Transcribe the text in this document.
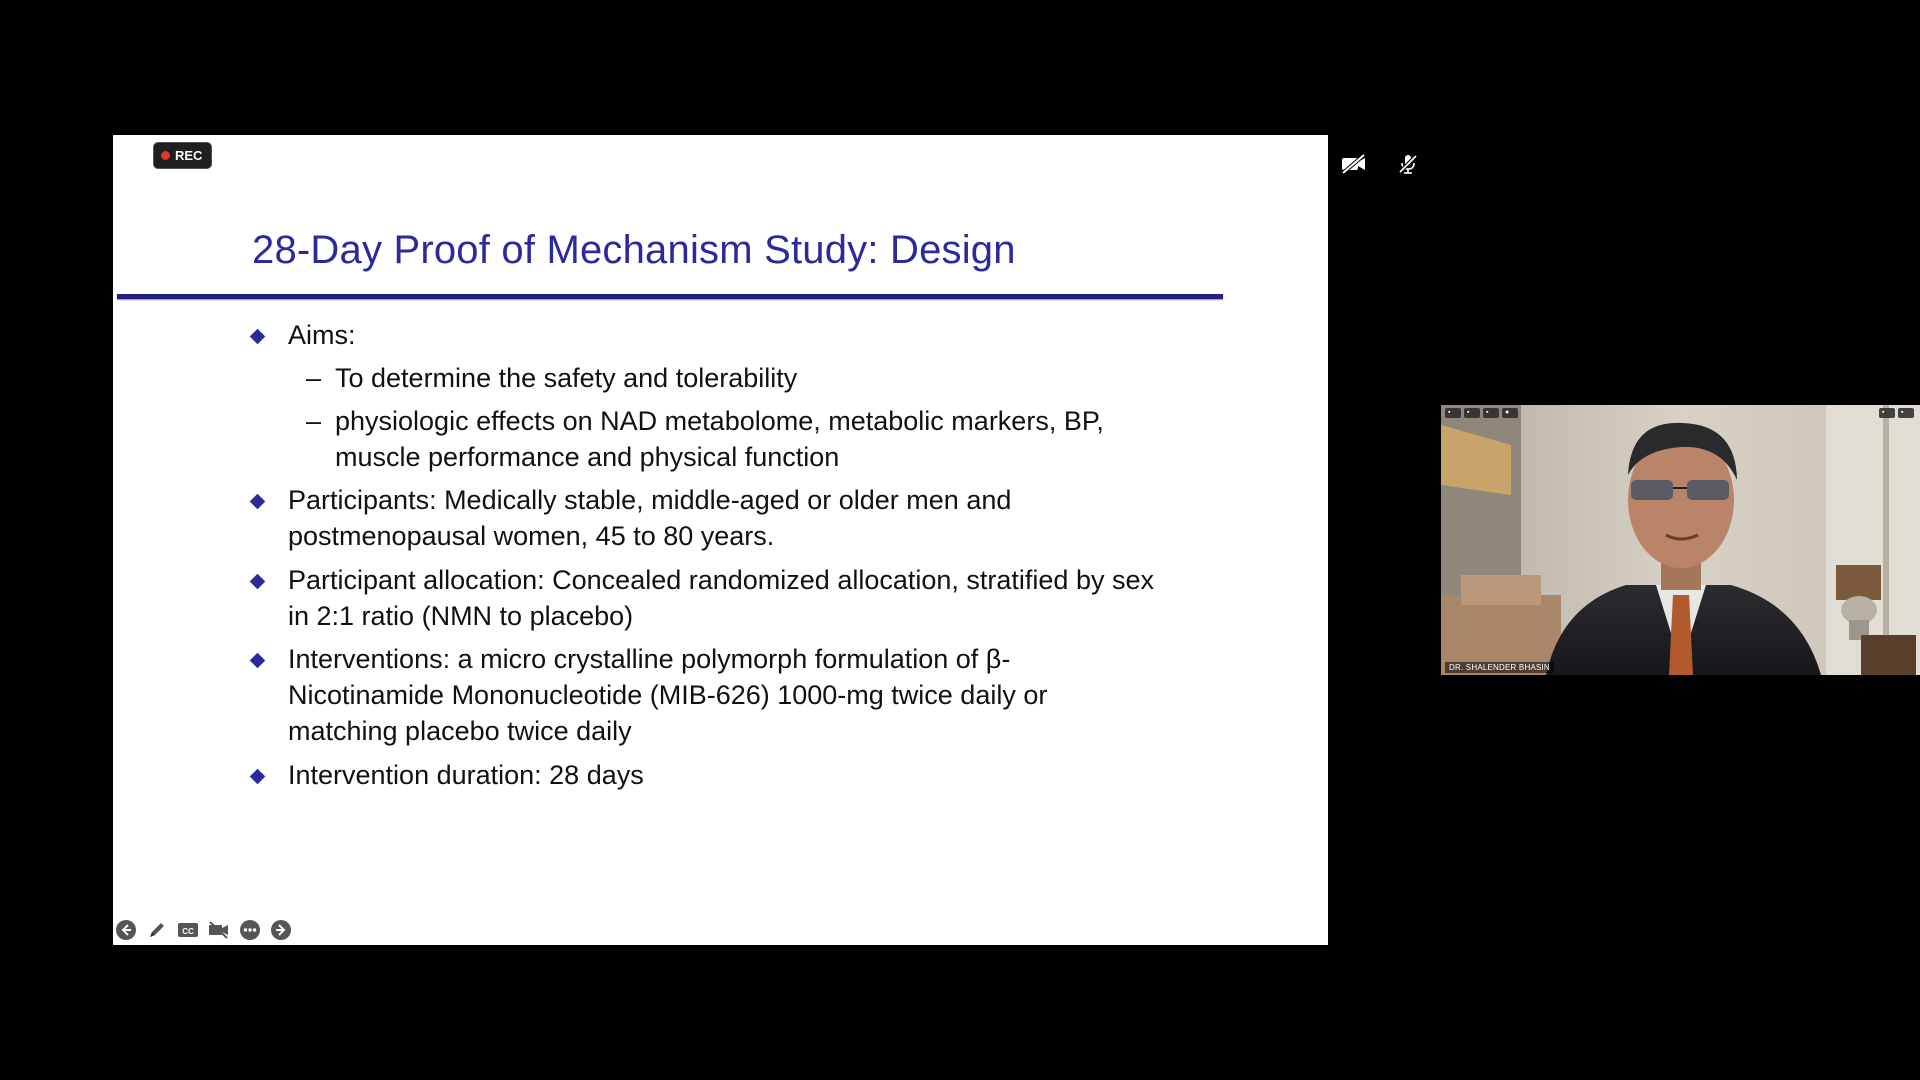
REC
28-Day Proof of Mechanism Study: Design
Aims:
– To determine the safety and tolerability
– physiologic effects on NAD metabolome, metabolic markers, BP,
muscle performance and physical function
Participants: Medically stable, middle-aged or older men and
postmenopausal women, 45 to 80 years.
Participant allocation: Concealed randomized allocation, stratified by sex
in 2:1 ratio (NMN to placebo)
Interventions: a micro crystalline polymorph formulation of β-
Nicotinamide Mononucleotide (MIB-626) 1000-mg twice daily or
matching placebo twice daily
Intervention duration: 28 days
CC
▪	▪	▪	●	▪	▪
DR. SHALENDER BHASIN
